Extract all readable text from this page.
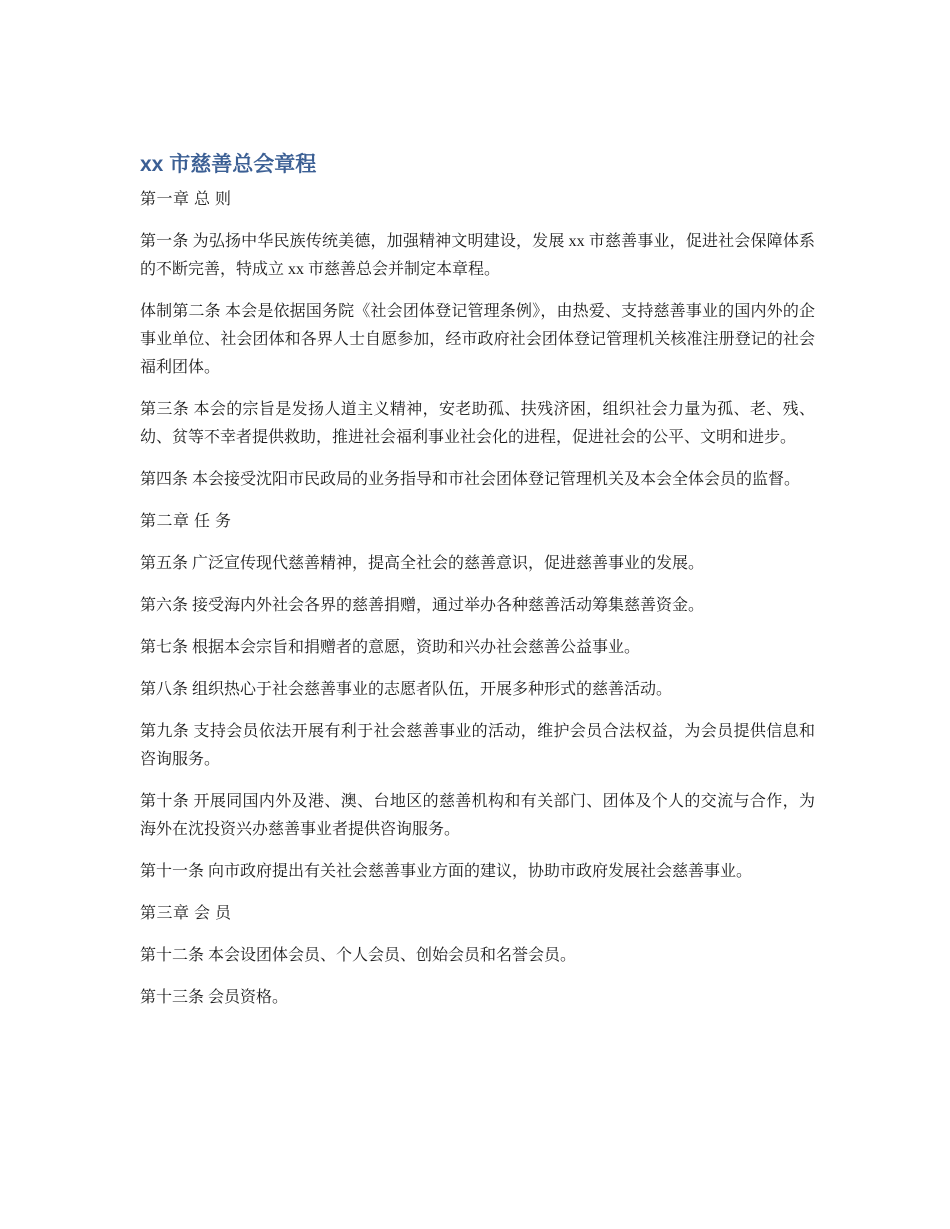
xx 市慈善总会章程

第一章 总 则

第一条 为弘扬中华民族传统美德，加强精神文明建设，发展 xx 市慈善事业，促进社会保障体系的不断完善，特成立 xx 市慈善总会并制定本章程。

体制第二条 本会是依据国务院《社会团体登记管理条例》，由热爱、支持慈善事业的国内外的企事业单位、社会团体和各界人士自愿参加，经市政府社会团体登记管理机关核准注册登记的社会福利团体。

第三条 本会的宗旨是发扬人道主义精神，安老助孤、扶残济困，组织社会力量为孤、老、残、幼、贫等不幸者提供救助，推进社会福利事业社会化的进程，促进社会的公平、文明和进步。

第四条 本会接受沈阳市民政局的业务指导和市社会团体登记管理机关及本会全体会员的监督。

第二章 任 务

第五条 广泛宣传现代慈善精神，提高全社会的慈善意识，促进慈善事业的发展。

第六条 接受海内外社会各界的慈善捐赠，通过举办各种慈善活动筹集慈善资金。

第七条 根据本会宗旨和捐赠者的意愿，资助和兴办社会慈善公益事业。

第八条 组织热心于社会慈善事业的志愿者队伍，开展多种形式的慈善活动。

第九条 支持会员依法开展有利于社会慈善事业的活动，维护会员合法权益，为会员提供信息和咨询服务。

第十条 开展同国内外及港、澳、台地区的慈善机构和有关部门、团体及个人的交流与合作，为海外在沈投资兴办慈善事业者提供咨询服务。

第十一条 向市政府提出有关社会慈善事业方面的建议，协助市政府发展社会慈善事业。

第三章 会 员

第十二条 本会设团体会员、个人会员、创始会员和名誉会员。

第十三条 会员资格。
